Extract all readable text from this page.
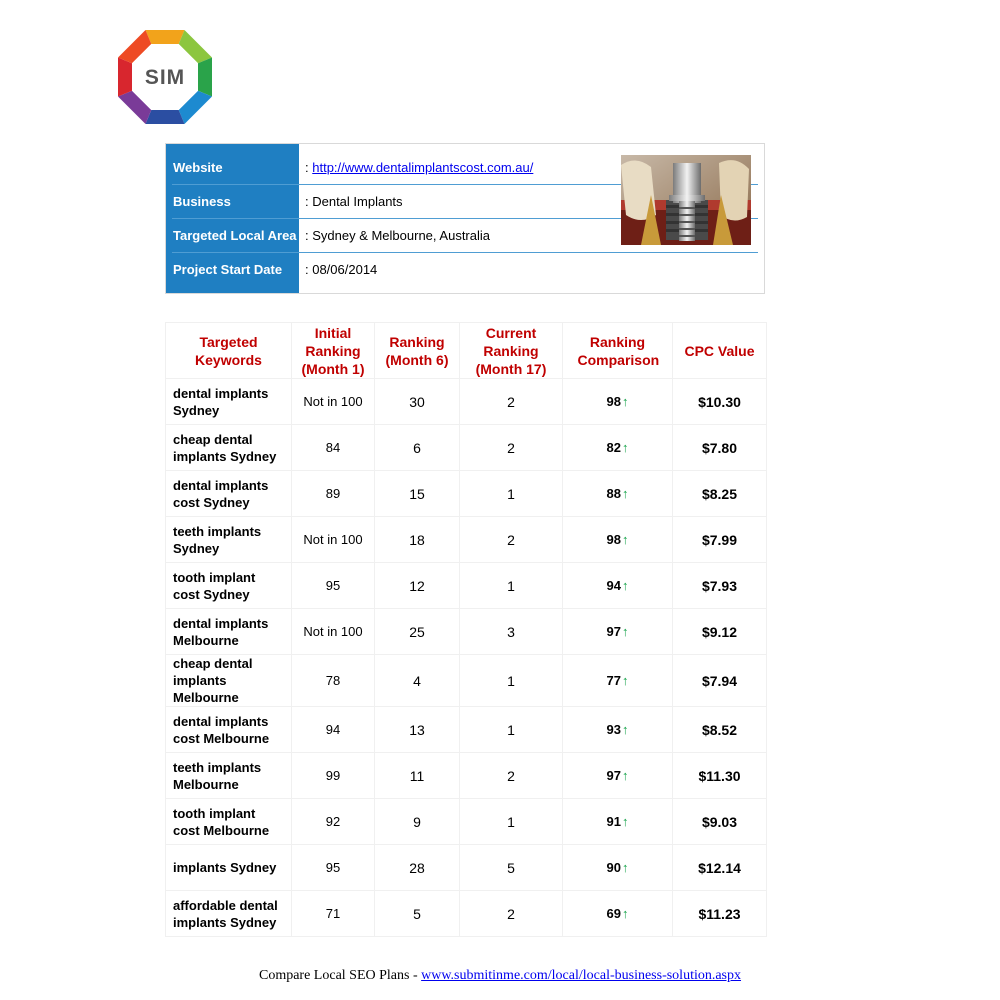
SIM
Website	: http://www.dentalimplantscost.com.au/
Business	: Dental Implants
Targeted Local Area : Sydney & Melbourne, Australia
Project Start Date : 08/06/2014
Targeted Keywords	Initial Ranking (Month 1)	Ranking (Month 6)	Current Ranking (Month 17)	Ranking Comparison	CPC Value
dental implants Sydney	Not in 100	30	2	98↑	$10.30
cheap dental implants Sydney	84	6	2	82↑	$7.80
dental implants cost Sydney	89	15	1	88↑	$8.25
teeth implants Sydney	Not in 100	18	2	98↑	$7.99
tooth implant cost Sydney	95	12	1	94↑	$7.93
dental implants Melbourne	Not in 100	25	3	97↑	$9.12
cheap dental implants Melbourne	78	4	1	77↑	$7.94
dental implants cost Melbourne	94	13	1	93↑	$8.52
teeth implants Melbourne	99	11	2	97↑	$11.30
tooth implant cost Melbourne	92	9	1	91↑	$9.03
implants Sydney	95	28	5	90↑	$12.14
affordable dental implants Sydney	71	5	2	69↑	$11.23
Compare Local SEO Plans - www.submitinme.com/local/local-business-solution.aspx
